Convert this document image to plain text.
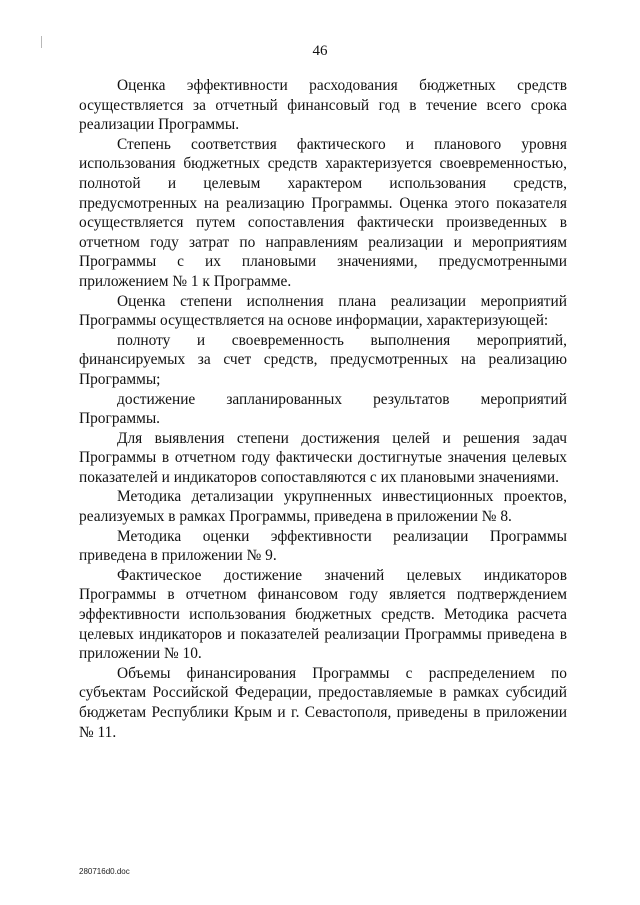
46

Оценка эффективности расходования бюджетных средств осуществляется за отчетный финансовый год в течение всего срока реализации Программы.

Степень соответствия фактического и планового уровня использования бюджетных средств характеризуется своевременностью, полнотой и целевым характером использования средств, предусмотренных на реализацию Программы. Оценка этого показателя осуществляется путем сопоставления фактически произведенных в отчетном году затрат по направлениям реализации и мероприятиям Программы с их плановыми значениями, предусмотренными приложением № 1 к Программе.

Оценка степени исполнения плана реализации мероприятий Программы осуществляется на основе информации, характеризующей:

полноту и своевременность выполнения мероприятий, финансируемых за счет средств, предусмотренных на реализацию Программы;

достижение запланированных результатов мероприятий Программы.

Для выявления степени достижения целей и решения задач Программы в отчетном году фактически достигнутые значения целевых показателей и индикаторов сопоставляются с их плановыми значениями.

Методика детализации укрупненных инвестиционных проектов, реализуемых в рамках Программы, приведена в приложении № 8.

Методика оценки эффективности реализации Программы приведена в приложении № 9.

Фактическое достижение значений целевых индикаторов Программы в отчетном финансовом году является подтверждением эффективности использования бюджетных средств. Методика расчета целевых индикаторов и показателей реализации Программы приведена в приложении № 10.

Объемы финансирования Программы с распределением по субъектам Российской Федерации, предоставляемые в рамках субсидий бюджетам Республики Крым и г. Севастополя, приведены в приложении № 11.

280716d0.doc
